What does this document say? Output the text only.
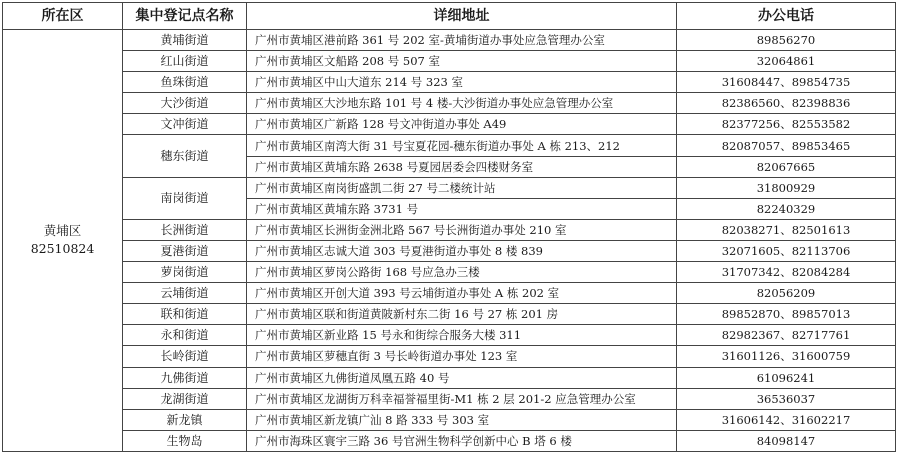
所在区	集中登记点名称	详细地址	办公电话

黄埔区
82510824	黄埔街道	广州市黄埔区港前路 361 号 202 室-黄埔街道办事处应急管理办公室	89856270
	红山街道	广州市黄埔区文船路 208 号 507 室	32064861
	鱼珠街道	广州市黄埔区中山大道东 214 号 323 室	31608447、89854735
	大沙街道	广州市黄埔区大沙地东路 101 号 4 楼-大沙街道办事处应急管理办公室	82386560、82398836
	文冲街道	广州市黄埔区广新路 128 号文冲街道办事处 A49	82377256、82553582
	穗东街道	广州市黄埔区南湾大街 31 号宝夏花园-穗东街道办事处 A 栋 213、212	82087057、89853465
		广州市黄埔区黄埔东路 2638 号夏园居委会四楼财务室	82067665
	南岗街道	广州市黄埔区南岗街盛凯二街 27 号二楼统计站	31800929
		广州市黄埔区黄埔东路 3731 号	82240329
	长洲街道	广州市黄埔区长洲街金洲北路 567 号长洲街道办事处 210 室	82038271、82501613
	夏港街道	广州市黄埔区志诚大道 303 号夏港街道办事处 8 楼 839	32071605、82113706
	萝岗街道	广州市黄埔区萝岗公路街 168 号应急办三楼	31707342、82084284
	云埔街道	广州市黄埔区开创大道 393 号云埔街道办事处 A 栋 202 室	82056209
	联和街道	广州市黄埔区联和街道黄陂新村东二街 16 号 27 栋 201 房	89852870、89857013
	永和街道	广州市黄埔区新业路 15 号永和街综合服务大楼 311	82982367、82717761
	长岭街道	广州市黄埔区萝穗直街 3 号长岭街道办事处 123 室	31601126、31600759
	九佛街道	广州市黄埔区九佛街道凤凰五路 40 号	61096241
	龙湖街道	广州市黄埔区龙湖街万科幸福誉福里街-M1 栋 2 层 201-2 应急管理办公室	36536037
	新龙镇	广州市黄埔区新龙镇广汕 8 路 333 号 303 室	31606142、31602217
	生物岛	广州市海珠区寰宇三路 36 号官洲生物科学创新中心 B 塔 6 楼	84098147
